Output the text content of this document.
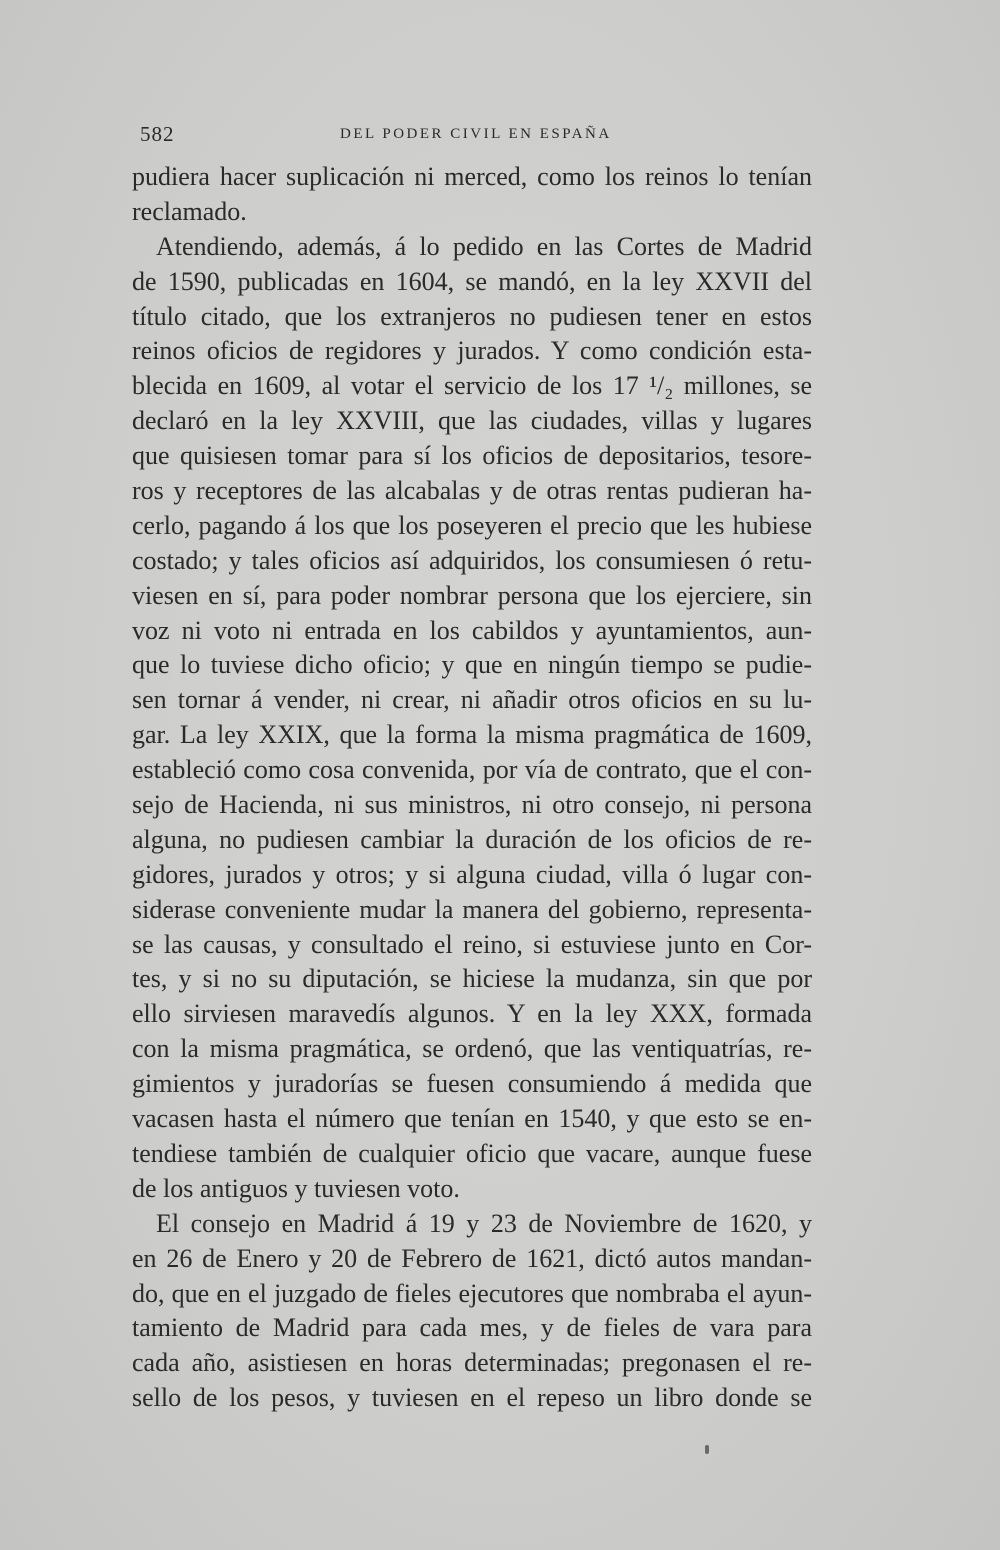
582	DEL PODER CIVIL EN ESPAÑA
pudiera hacer suplicación ni merced, como los reinos lo tenían
reclamado.
Atendiendo, además, á lo pedido en las Cortes de Madrid
de 1590, publicadas en 1604, se mandó, en la ley XXVII del
título citado, que los extranjeros no pudiesen tener en estos
reinos oficios de regidores y jurados. Y como condición esta-
blecida en 1609, al votar el servicio de los 17 ¹/₂ millones, se
declaró en la ley XXVIII, que las ciudades, villas y lugares
que quisiesen tomar para sí los oficios de depositarios, tesore-
ros y receptores de las alcabalas y de otras rentas pudieran ha-
cerlo, pagando á los que los poseyeren el precio que les hubiese
costado; y tales oficios así adquiridos, los consumiesen ó retu-
viesen en sí, para poder nombrar persona que los ejerciere, sin
voz ni voto ni entrada en los cabildos y ayuntamientos, aun-
que lo tuviese dicho oficio; y que en ningún tiempo se pudie-
sen tornar á vender, ni crear, ni añadir otros oficios en su lu-
gar. La ley XXIX, que la forma la misma pragmática de 1609,
estableció como cosa convenida, por vía de contrato, que el con-
sejo de Hacienda, ni sus ministros, ni otro consejo, ni persona
alguna, no pudiesen cambiar la duración de los oficios de re-
gidores, jurados y otros; y si alguna ciudad, villa ó lugar con-
siderase conveniente mudar la manera del gobierno, representa-
se las causas, y consultado el reino, si estuviese junto en Cor-
tes, y si no su diputación, se hiciese la mudanza, sin que por
ello sirviesen maravedís algunos. Y en la ley XXX, formada
con la misma pragmática, se ordenó, que las ventiquatrías, re-
gimientos y juradorías se fuesen consumiendo á medida que
vacasen hasta el número que tenían en 1540, y que esto se en-
tendiese también de cualquier oficio que vacare, aunque fuese
de los antiguos y tuviesen voto.
El consejo en Madrid á 19 y 23 de Noviembre de 1620, y
en 26 de Enero y 20 de Febrero de 1621, dictó autos mandan-
do, que en el juzgado de fieles ejecutores que nombraba el ayun-
tamiento de Madrid para cada mes, y de fieles de vara para
cada año, asistiesen en horas determinadas; pregonasen el re-
sello de los pesos, y tuviesen en el repeso un libro donde se
